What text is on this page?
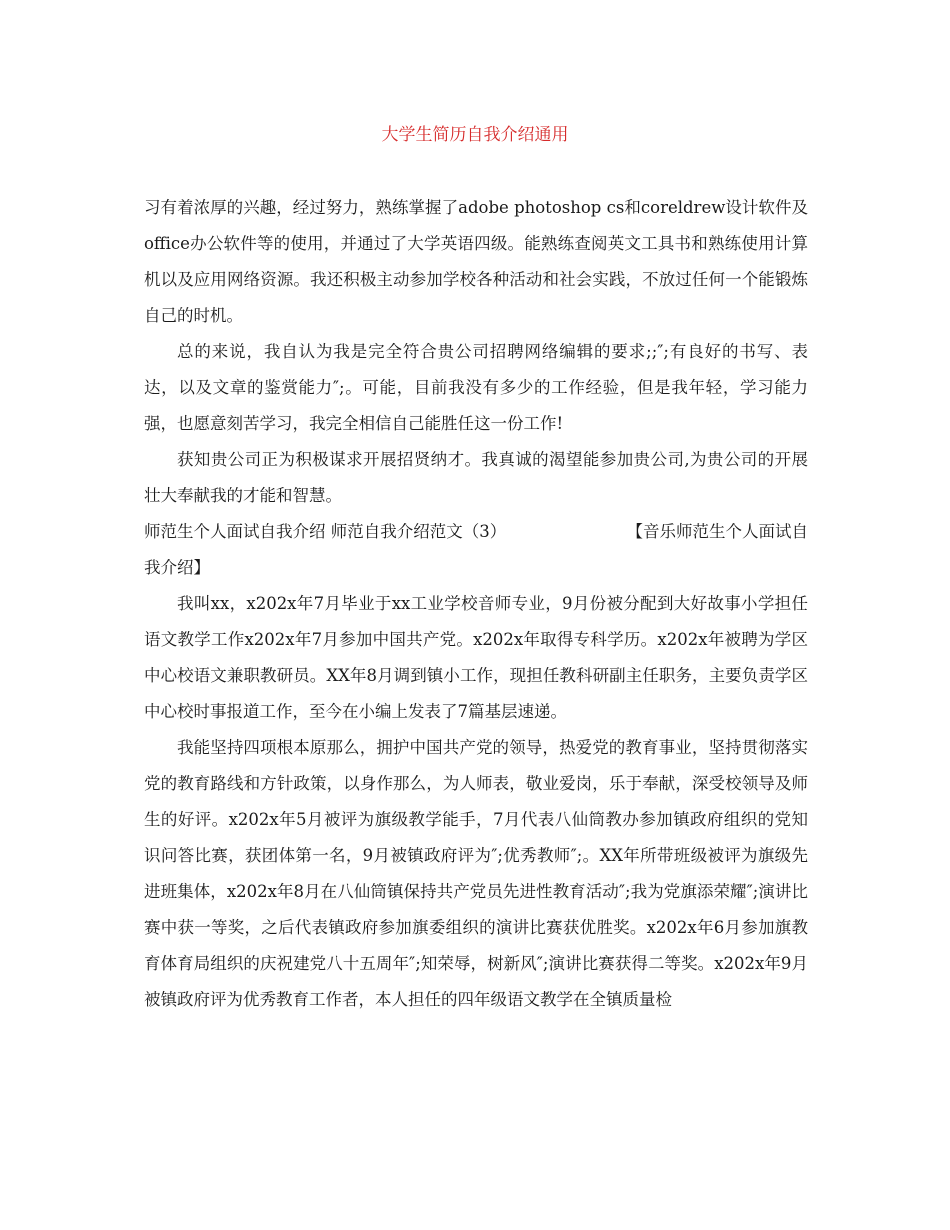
大学生简历自我介绍通用

习有着浓厚的兴趣，经过努力，熟练掌握了adobe photoshop cs和coreldrew设计软件及office办公软件等的使用，并通过了大学英语四级。能熟练查阅英文工具书和熟练使用计算机以及应用网络资源。我还积极主动参加学校各种活动和社会实践，不放过任何一个能锻炼自己的时机。

总的来说，我自认为我是完全符合贵公司招聘网络编辑的要求;;″;有良好的书写、表达，以及文章的鉴赏能力″;。可能，目前我没有多少的工作经验，但是我年轻，学习能力强，也愿意刻苦学习，我完全相信自己能胜任这一份工作!

获知贵公司正为积极谋求开展招贤纳才。我真诚的渴望能参加贵公司,为贵公司的开展壮大奉献我的才能和智慧。

师范生个人面试自我介绍 师范自我介绍范文（3）	【音乐师范生个人面试自

我介绍】

我叫xx，x202x年7月毕业于xx工业学校音师专业，9月份被分配到大好故事小学担任语文教学工作x202x年7月参加中国共产党。x202x年取得专科学历。x202x年被聘为学区中心校语文兼职教研员。XX年8月调到镇小工作，现担任教科研副主任职务，主要负责学区中心校时事报道工作，至今在小编上发表了7篇基层速递。

我能坚持四项根本原那么，拥护中国共产党的领导，热爱党的教育事业，坚持贯彻落实党的教育路线和方针政策，以身作那么，为人师表，敬业爱岗，乐于奉献，深受校领导及师生的好评。x202x年5月被评为旗级教学能手，7月代表八仙筒教办参加镇政府组织的党知识问答比赛，获团体第一名，9月被镇政府评为″;优秀教师″;。XX年所带班级被评为旗级先进班集体，x202x年8月在八仙筒镇保持共产党员先进性教育活动″;我为党旗添荣耀″;演讲比赛中获一等奖，之后代表镇政府参加旗委组织的演讲比赛获优胜奖。x202x年6月参加旗教育体育局组织的庆祝建党八十五周年″;知荣辱，树新风″;演讲比赛获得二等奖。x202x年9月被镇政府评为优秀教育工作者，本人担任的四年级语文教学在全镇质量检
